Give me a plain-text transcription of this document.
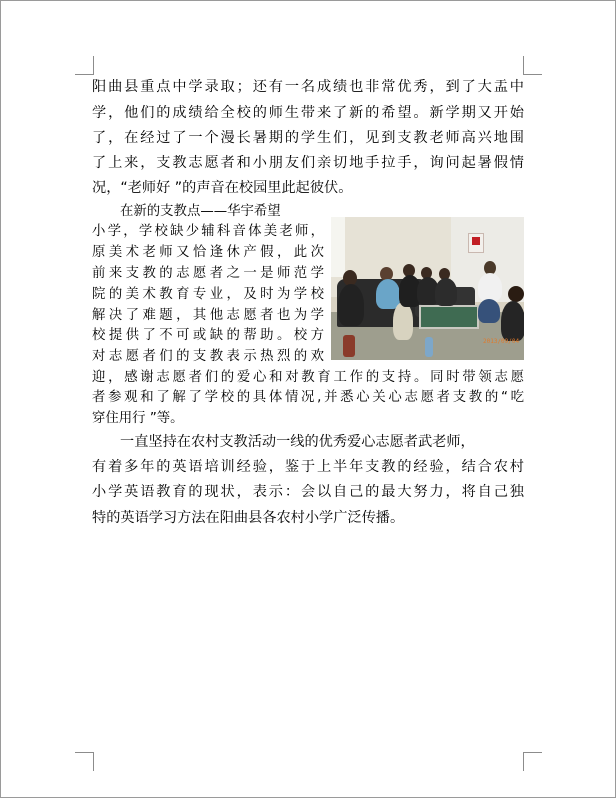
阳曲县重点中学录取；还有一名成绩也非常优秀，到了大盂中
学，他们的成绩给全校的师生带来了新的希望。新学期又开始
了，在经过了一个漫长暑期的学生们，见到支教老师高兴地围
了上来，支教志愿者和小朋友们亲切地手拉手，询问起暑假情
况，“老师好 ”的声音在校园里此起彼伏。
在新的支教点——华宇希望
小学，学校缺少辅科音体美老师，
原美术老师又恰逢休产假，此次
前来支教的志愿者之一是师范学
院的美术教育专业，及时为学校
解决了难题，其他志愿者也为学
校提供了不可或缺的帮助。校方
对志愿者们的支教表示热烈的欢
迎，感谢志愿者们的爱心和对教育工作的支持。同时带领志愿
者参观和了解了学校的具体情况,并悉心关心志愿者支教的“吃
穿住用行 ”等。
一直坚持在农村支教活动一线的优秀爱心志愿者武老师，
有着多年的英语培训经验，鉴于上半年支教的经验，结合农村
小学英语教育的现状，表示：会以自己的最大努力，将自己独
特的英语学习方法在阳曲县各农村小学广泛传播。
2013/09/04
